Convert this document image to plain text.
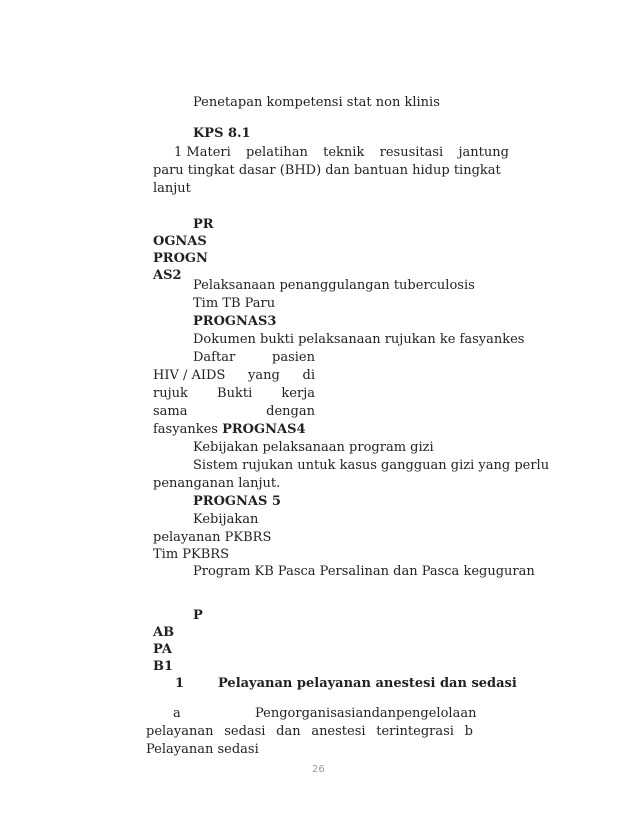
Penetapan kompetensi stat non klinis
KPS 8.1
1 Materi pelatihan teknik resusitasi jantung
paru tingkat dasar (BHD) dan bantuan hidup tingkat
lanjut
PR
OGNAS
PROGN
AS2
Pelaksanaan penanggulangan tuberculosis
Tim TB Paru
PROGNAS3
Dokumen bukti pelaksanaan rujukan ke fasyankes
Daftar	pasien
HIV / AIDS yang di
rujuk Bukti kerja
sama	dengan
fasyankes PROGNAS4
Kebijakan pelaksanaan program gizi
Sistem rujukan untuk kasus gangguan gizi yang perlu
penanganan lanjut.
PROGNAS 5
Kebijakan
pelayanan PKBRS
Tim PKBRS
Program KB Pasca Persalinan dan Pasca keguguran
P
AB
PA
B1
1	Pelayanan pelayanan anestesi dan sedasi
a	Pengorganisasian dan pengelolaan
pelayanan sedasi dan anestesi terintegrasi b
Pelayanan sedasi
26
